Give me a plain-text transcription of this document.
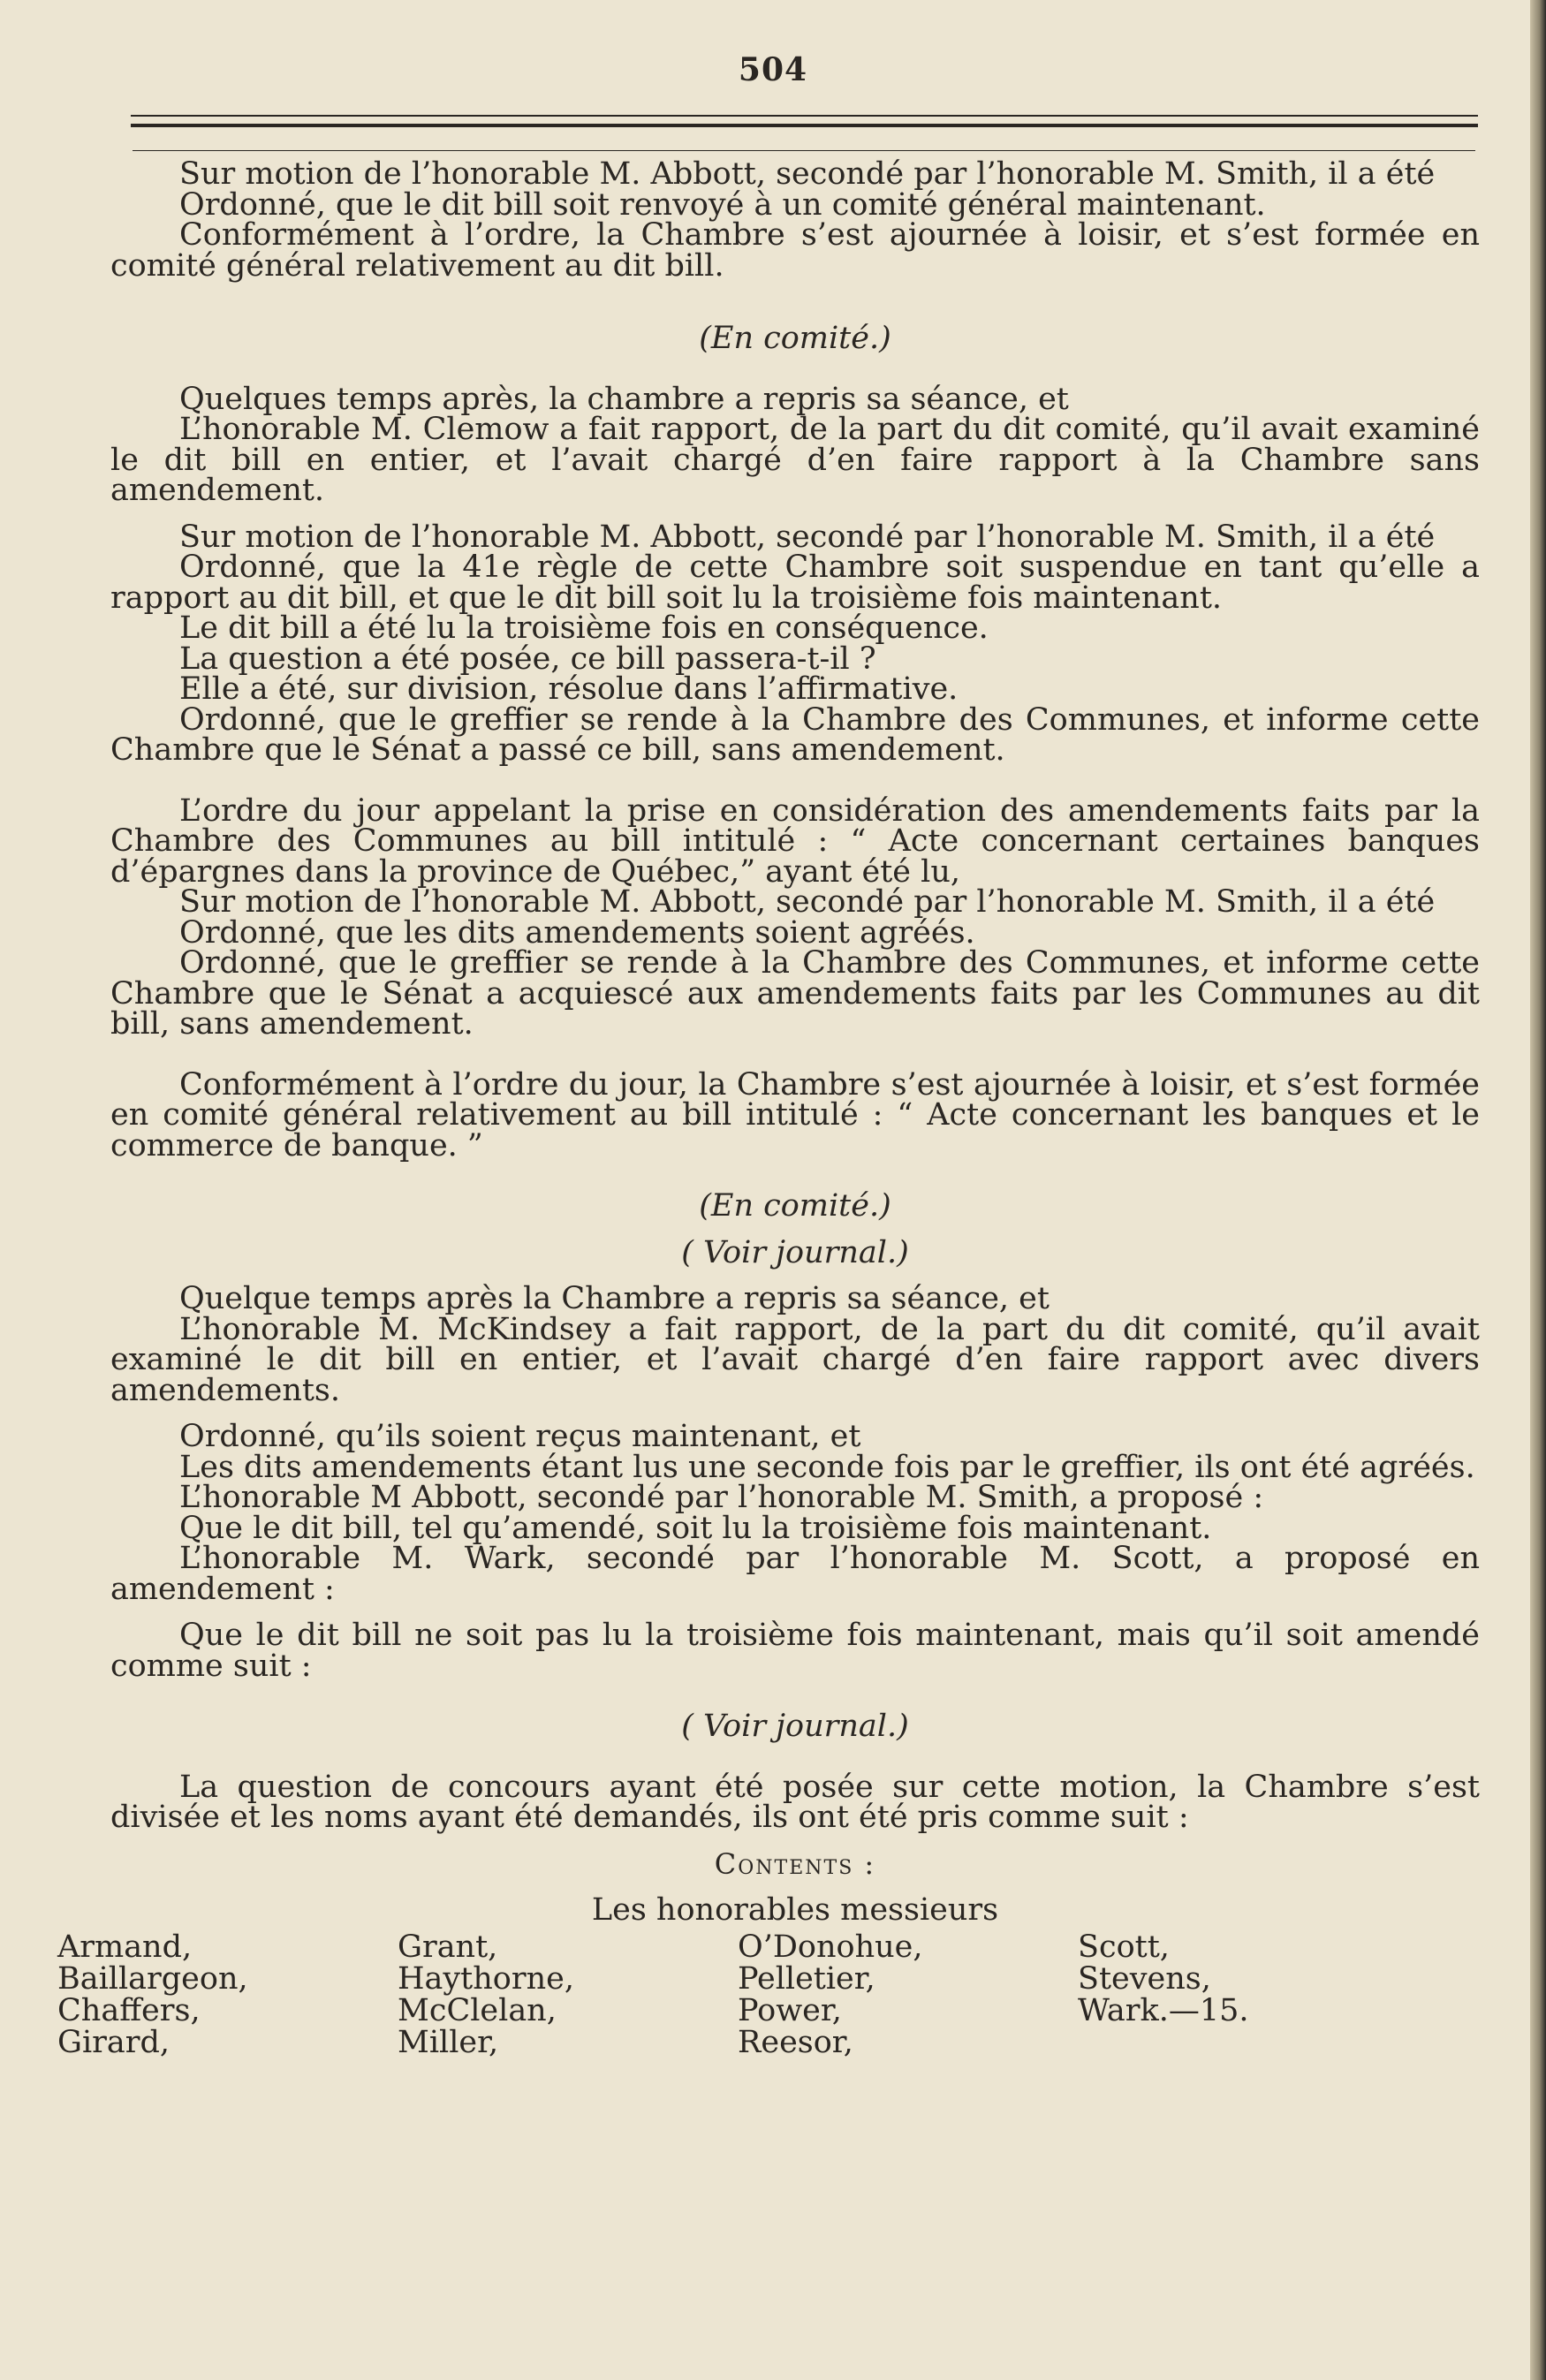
504

Sur motion de l’honorable M. Abbott, secondé par l’honorable M. Smith, il a été

Ordonné, que le dit bill soit renvoyé à un comité général maintenant.

Conformément à l’ordre, la Chambre s’est ajournée à loisir, et s’est formée en comité général relativement au dit bill.

(En comité.)

Quelques temps après, la chambre a repris sa séance, et

L’honorable M. Clemow a fait rapport, de la part du dit comité, qu’il avait examiné le dit bill en entier, et l’avait chargé d’en faire rapport à la Chambre sans amendement.

Sur motion de l’honorable M. Abbott, secondé par l’honorable M. Smith, il a été

Ordonné, que la 41e règle de cette Chambre soit suspendue en tant qu’elle a rapport au dit bill, et que le dit bill soit lu la troisième fois maintenant.

Le dit bill a été lu la troisième fois en conséquence.

La question a été posée, ce bill passera-t-il ?

Elle a été, sur division, résolue dans l’affirmative.

Ordonné, que le greffier se rende à la Chambre des Communes, et informe cette Chambre que le Sénat a passé ce bill, sans amendement.

L’ordre du jour appelant la prise en considération des amendements faits par la Chambre des Communes au bill intitulé : “ Acte concernant certaines banques d’épargnes dans la province de Québec,” ayant été lu,

Sur motion de l’honorable M. Abbott, secondé par l’honorable M. Smith, il a été

Ordonné, que les dits amendements soient agréés.

Ordonné, que le greffier se rende à la Chambre des Communes, et informe cette Chambre que le Sénat a acquiescé aux amendements faits par les Communes au dit bill, sans amendement.

Conformément à l’ordre du jour, la Chambre s’est ajournée à loisir, et s’est formée en comité général relativement au bill intitulé : “ Acte concernant les banques et le commerce de banque. ”

(En comité.)

( Voir journal.)

Quelque temps après la Chambre a repris sa séance, et

L’honorable M. McKindsey a fait rapport, de la part du dit comité, qu’il avait examiné le dit bill en entier, et l’avait chargé d’en faire rapport avec divers amendements.

Ordonné, qu’ils soient reçus maintenant, et

Les dits amendements étant lus une seconde fois par le greffier, ils ont été agréés.

L’honorable M Abbott, secondé par l’honorable M. Smith, a proposé :

Que le dit bill, tel qu’amendé, soit lu la troisième fois maintenant.

L’honorable M. Wark, secondé par l’honorable M. Scott, a proposé en amendement :

Que le dit bill ne soit pas lu la troisième fois maintenant, mais qu’il soit amendé comme suit :

( Voir journal.)

La question de concours ayant été posée sur cette motion, la Chambre s’est divisée et les noms ayant été demandés, ils ont été pris comme suit :

Contents :

Les honorables messieurs

Armand,
Baillargeon,
Chaffers,
Girard,
Grant,
Haythorne,
McClelan,
Miller,
O’Donohue,
Pelletier,
Power,
Reesor,
Scott,
Stevens,
Wark.—15.
